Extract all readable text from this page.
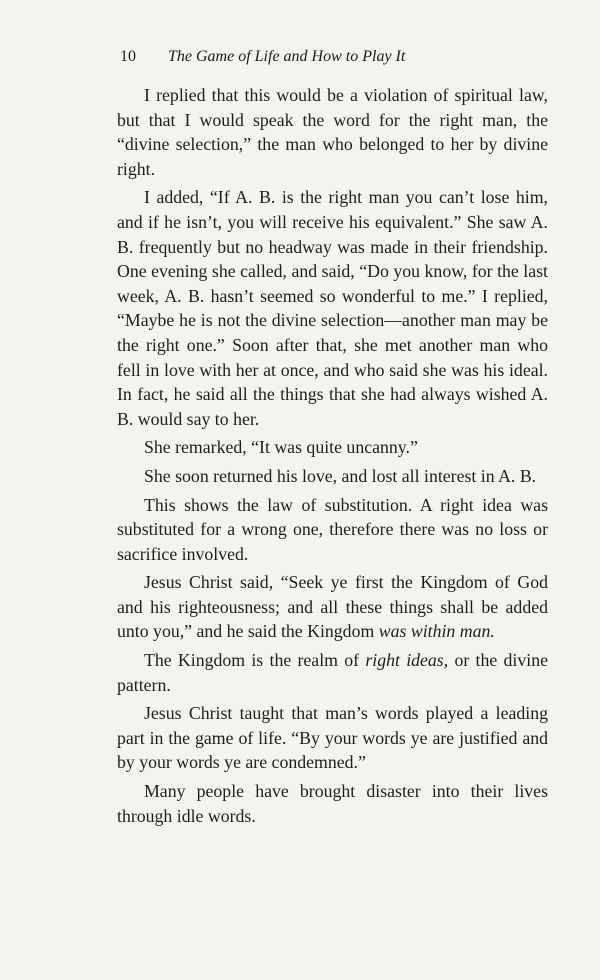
10 The Game of Life and How to Play It

I replied that this would be a violation of spiritual law, but that I would speak the word for the right man, the “divine selection,” the man who belonged to her by divine right.

I added, “If A. B. is the right man you can’t lose him, and if he isn’t, you will receive his equivalent.” She saw A. B. frequently but no headway was made in their friendship. One evening she called, and said, “Do you know, for the last week, A. B. hasn’t seemed so wonderful to me.” I replied, “Maybe he is not the divine selection—another man may be the right one.” Soon after that, she met another man who fell in love with her at once, and who said she was his ideal. In fact, he said all the things that she had always wished A. B. would say to her.

She remarked, “It was quite uncanny.”

She soon returned his love, and lost all interest in A. B.

This shows the law of substitution. A right idea was substituted for a wrong one, therefore there was no loss or sacrifice involved.

Jesus Christ said, “Seek ye first the Kingdom of God and his righteousness; and all these things shall be added unto you,” and he said the Kingdom was within man.

The Kingdom is the realm of right ideas, or the divine pattern.

Jesus Christ taught that man’s words played a leading part in the game of life. “By your words ye are justified and by your words ye are condemned.”

Many people have brought disaster into their lives through idle words.
